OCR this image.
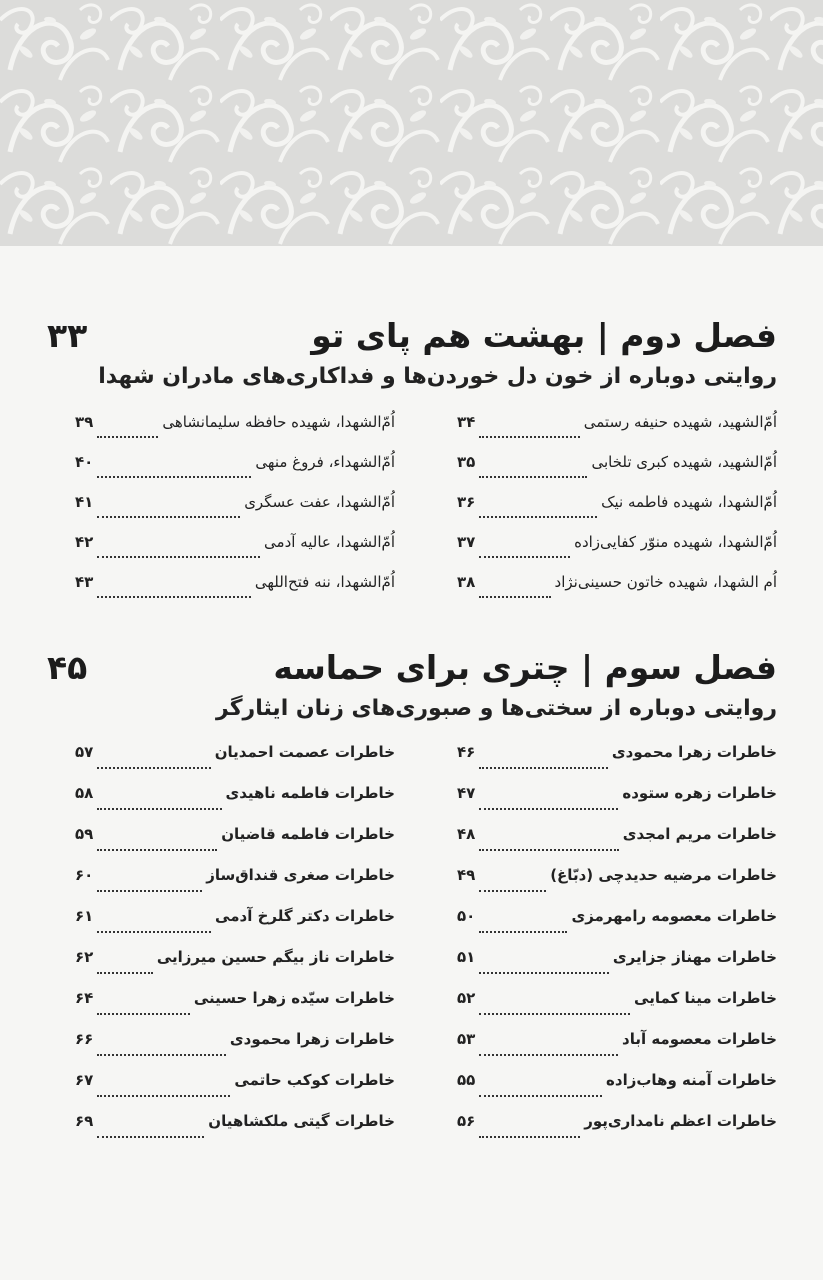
فصل دوم | بهشت هم پای تو
۳۳
روایتی دوباره از خون دل خوردن‌ها و فداکاری‌های مادران شهدا
اُمّ‌الشهید، شهیده حنیفه رستمی
۳۴
اُمّ‌الشهید، شهیده کبری تلخابی
۳۵
اُمّ‌الشهدا، شهیده فاطمه نیک
۳۶
اُمّ‌الشهدا، شهیده منوّر کفایی‌زاده
۳۷
اُم الشهدا، شهیده خاتون حسینی‌نژاد
۳۸
اُمّ‌الشهدا، شهیده حافظه سلیمانشاهی
۳۹
اُمّ‌الشهداء، فروغ منهی
۴۰
اُمّ‌الشهدا، عفت عسگری
۴۱
اُمّ‌الشهدا، عالیه آدمی
۴۲
اُمّ‌الشهدا، ننه فتح‌اللهی
۴۳
فصل سوم | چتری برای حماسه
۴۵
روایتی دوباره از سختی‌ها و صبوری‌های زنان ایثارگر
خاطرات زهرا محمودی
۴۶
خاطرات زهره ستوده
۴۷
خاطرات مریم امجدی
۴۸
خاطرات مرضیه حدیدچی (دبّاغ)
۴۹
خاطرات معصومه رامهرمزی
۵۰
خاطرات مهناز جزایری
۵۱
خاطرات مینا کمایی
۵۲
خاطرات معصومه آباد
۵۳
خاطرات آمنه وهاب‌زاده
۵۵
خاطرات اعظم نامداری‌پور
۵۶
خاطرات عصمت احمدیان
۵۷
خاطرات فاطمه ناهیدی
۵۸
خاطرات فاطمه قاضیان
۵۹
خاطرات صغری قنداق‌ساز
۶۰
خاطرات دکتر گلرخ آدمی
۶۱
خاطرات ناز بیگم حسین میرزایی
۶۲
خاطرات سیّده زهرا حسینی
۶۴
خاطرات زهرا محمودی
۶۶
خاطرات کوکب حاتمی
۶۷
خاطرات گیتی ملکشاهیان
۶۹
